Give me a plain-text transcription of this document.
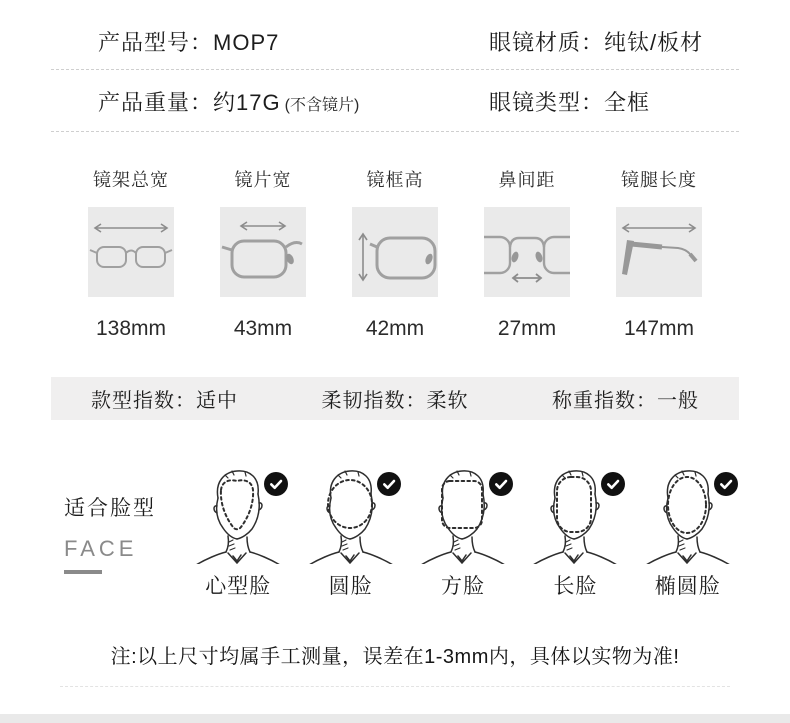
产品型号：MOP7	眼镜材质：纯钛/板材
产品重量：约17G (不含镜片)	眼镜类型：全框
镜架总宽
138mm
镜片宽
43mm
镜框高
42mm
鼻间距
27mm
镜腿长度
147mm
款型指数：适中	柔韧指数：柔软	称重指数：一般
适合脸型
FACE
心型脸	圆脸	方脸	长脸	椭圆脸
注:以上尺寸均属手工测量，误差在1-3mm内，具体以实物为准!
